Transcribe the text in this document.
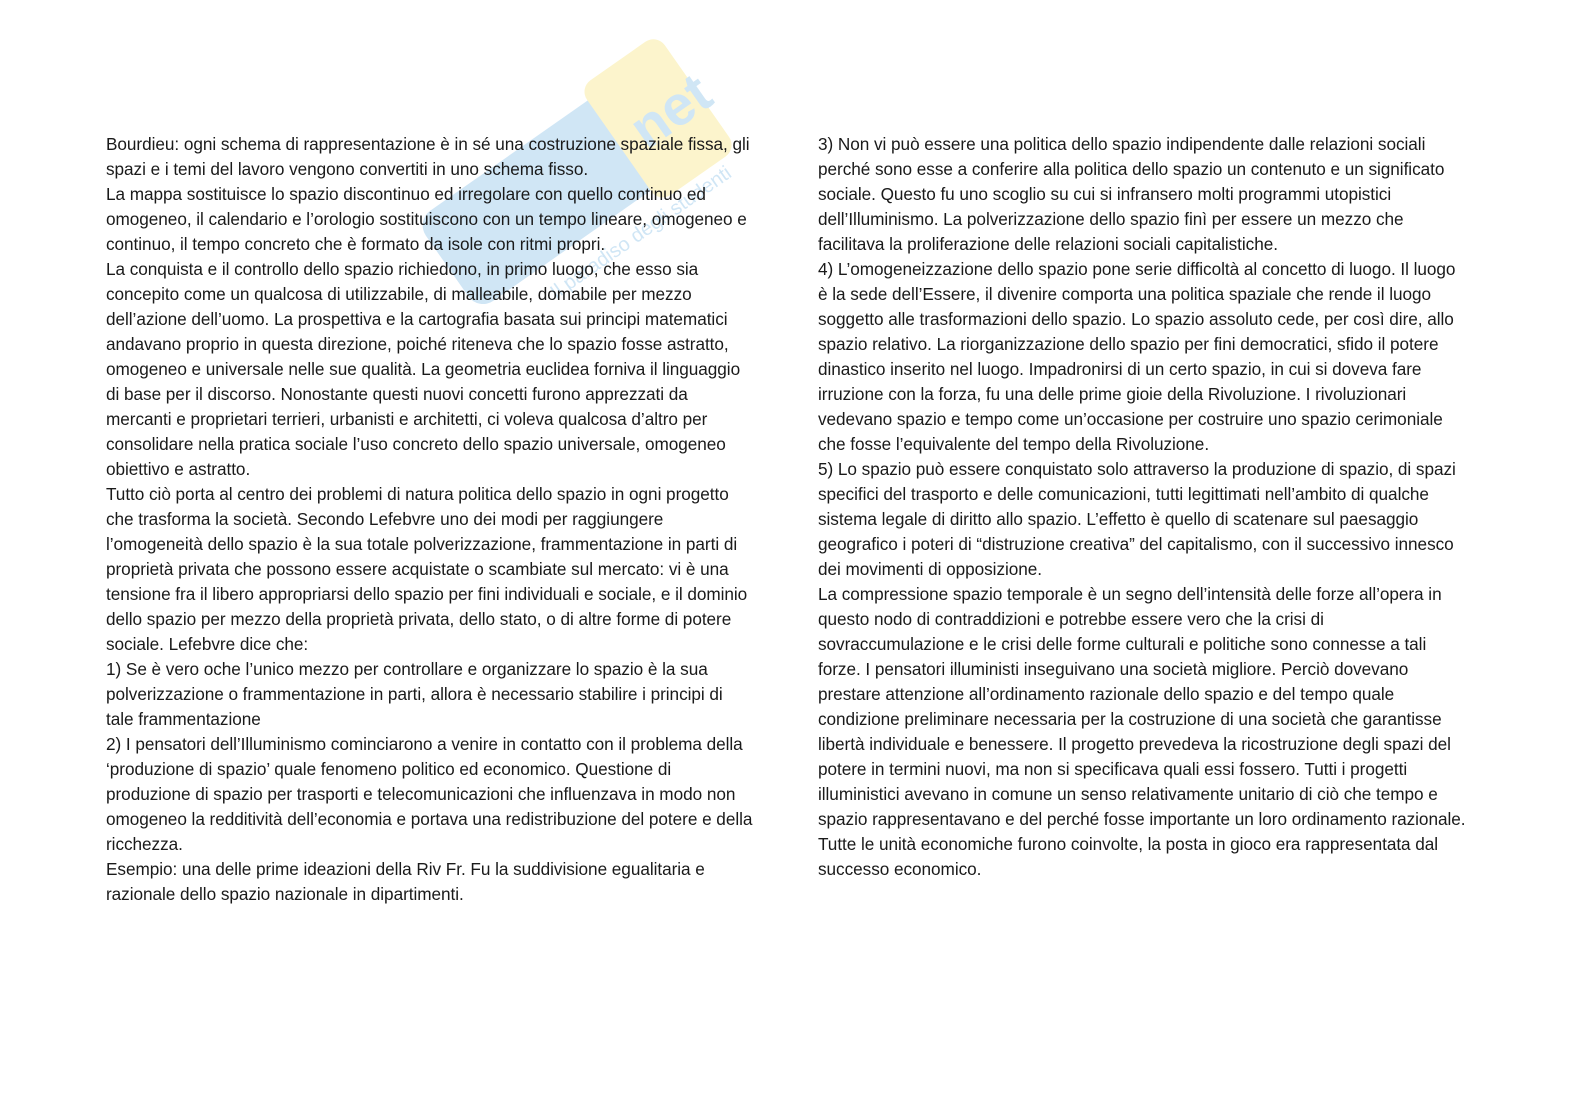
net
Il paradiso degli studenti

Bourdieu: ogni schema di rappresentazione è in sé una costruzione spaziale fissa, gli spazi e i temi del lavoro vengono convertiti in uno schema fisso.

La mappa sostituisce lo spazio discontinuo ed irregolare con quello continuo ed omogeneo, il calendario e l’orologio sostituiscono con un tempo lineare, omogeneo e continuo, il tempo concreto che è formato da isole con ritmi propri.

La conquista e il controllo dello spazio richiedono, in primo luogo, che esso sia concepito come un qualcosa di utilizzabile, di malleabile, domabile per mezzo dell’azione dell’uomo. La prospettiva e la cartografia basata sui principi matematici andavano proprio in questa direzione, poiché riteneva che lo spazio fosse astratto, omogeneo e universale nelle sue qualità. La geometria euclidea forniva il linguaggio di base per il discorso. Nonostante questi nuovi concetti furono apprezzati da mercanti e proprietari terrieri, urbanisti e architetti, ci voleva qualcosa d’altro per consolidare nella pratica sociale l’uso concreto dello spazio universale, omogeneo obiettivo e astratto.

Tutto ciò porta al centro dei problemi di natura politica dello spazio in ogni progetto che trasforma la società. Secondo Lefebvre uno dei modi per raggiungere l’omogeneità dello spazio è la sua totale polverizzazione, frammentazione in parti di proprietà privata che possono essere acquistate o scambiate sul mercato: vi è una tensione fra il libero appropriarsi dello spazio per fini individuali e sociale, e il dominio dello spazio per mezzo della proprietà privata, dello stato, o di altre forme di potere sociale. Lefebvre dice che:

1) Se è vero oche l’unico mezzo per controllare e organizzare lo spazio è la sua polverizzazione o frammentazione in parti, allora è necessario stabilire i principi di tale frammentazione

2) I pensatori dell’Illuminismo cominciarono a venire in contatto con il problema della ‘produzione di spazio’ quale fenomeno politico ed economico. Questione di produzione di spazio per trasporti e telecomunicazioni che influenzava in modo non omogeneo la redditività dell’economia e portava una redistribuzione del potere e della ricchezza.

Esempio: una delle prime ideazioni della Riv Fr. Fu la suddivisione egualitaria e razionale dello spazio nazionale in dipartimenti.

3) Non vi può essere una politica dello spazio indipendente dalle relazioni sociali perché sono esse a conferire alla politica dello spazio un contenuto e un significato sociale. Questo fu uno scoglio su cui si infransero molti programmi utopistici dell’Illuminismo. La polverizzazione dello spazio finì per essere un mezzo che facilitava la proliferazione delle relazioni sociali capitalistiche.

4) L’omogeneizzazione dello spazio pone serie difficoltà al concetto di luogo. Il luogo è la sede dell’Essere, il divenire comporta una politica spaziale che rende il luogo soggetto alle trasformazioni dello spazio. Lo spazio assoluto cede, per così dire, allo spazio relativo. La riorganizzazione dello spazio per fini democratici, sfido il potere dinastico inserito nel luogo. Impadronirsi di un certo spazio, in cui si doveva fare irruzione con la forza, fu una delle prime gioie della Rivoluzione. I rivoluzionari vedevano spazio e tempo come un’occasione per costruire uno spazio cerimoniale che fosse l’equivalente del tempo della Rivoluzione.

5) Lo spazio può essere conquistato solo attraverso la produzione di spazio, di spazi specifici del trasporto e delle comunicazioni, tutti legittimati nell’ambito di qualche sistema legale di diritto allo spazio. L’effetto è quello di scatenare sul paesaggio geografico i poteri di “distruzione creativa” del capitalismo, con il successivo innesco dei movimenti di opposizione.

La compressione spazio temporale è un segno dell’intensità delle forze all’opera in questo nodo di contraddizioni e potrebbe essere vero che la crisi di sovraccumulazione e le crisi delle forme culturali e politiche sono connesse a tali forze. I pensatori illuministi inseguivano una società migliore. Perciò dovevano prestare attenzione all’ordinamento razionale dello spazio e del tempo quale condizione preliminare necessaria per la costruzione di una società che garantisse libertà individuale e benessere. Il progetto prevedeva la ricostruzione degli spazi del potere in termini nuovi, ma non si specificava quali essi fossero. Tutti i progetti illuministici avevano in comune un senso relativamente unitario di ciò che tempo e spazio rappresentavano e del perché fosse importante un loro ordinamento razionale. Tutte le unità economiche furono coinvolte, la posta in gioco era rappresentata dal successo economico.
